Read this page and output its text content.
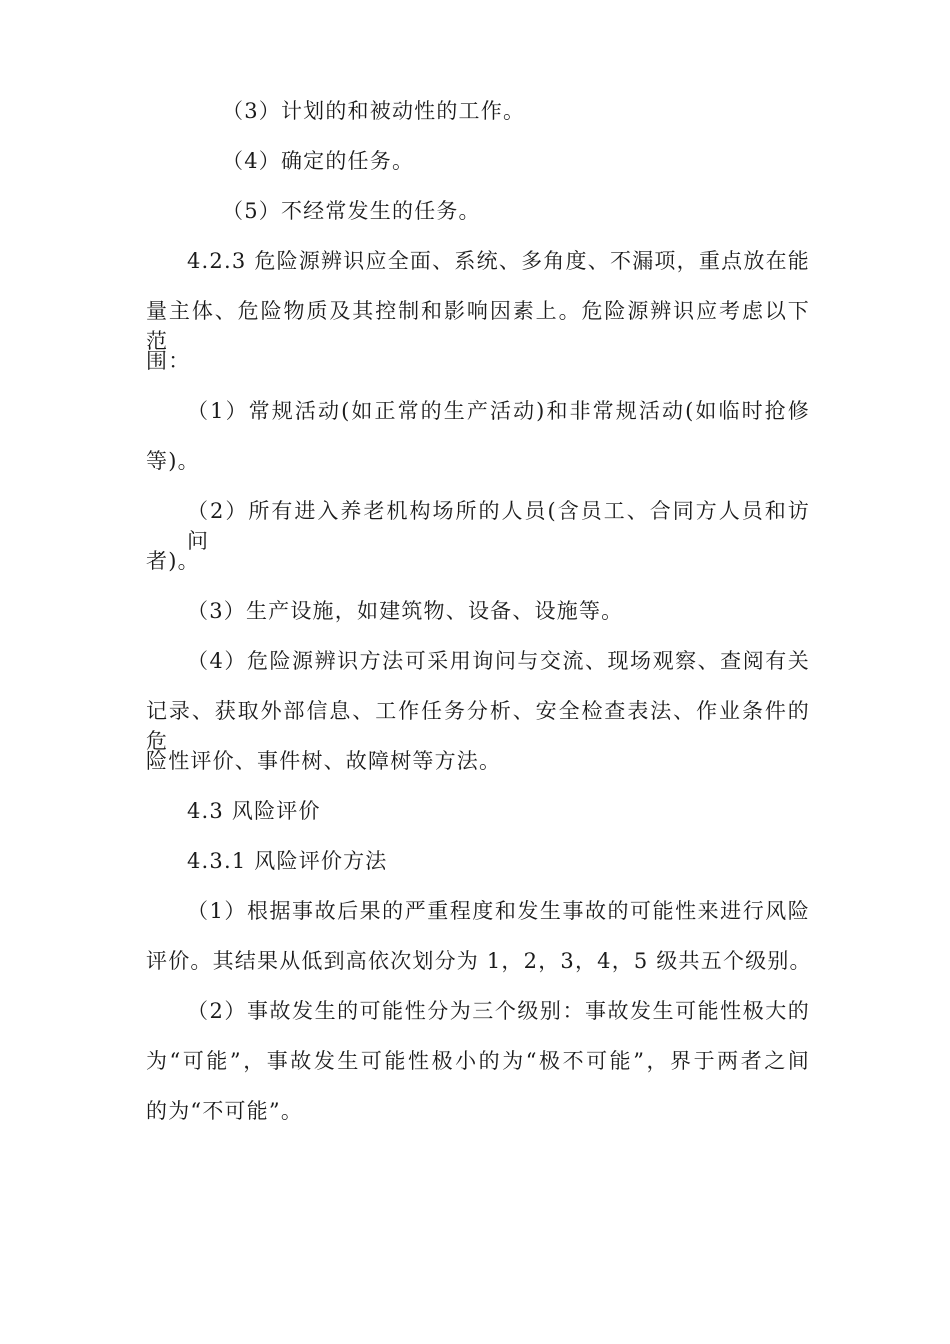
（3）计划的和被动性的工作。
（4）确定的任务。
（5）不经常发生的任务。
4.2.3 危险源辨识应全面、系统、多角度、不漏项，重点放在能
量主体、危险物质及其控制和影响因素上。危险源辨识应考虑以下范
围：
（1）常规活动(如正常的生产活动)和非常规活动(如临时抢修
等)。
（2）所有进入养老机构场所的人员(含员工、合同方人员和访问
者)。
（3）生产设施，如建筑物、设备、设施等。
（4）危险源辨识方法可采用询问与交流、现场观察、查阅有关
记录、获取外部信息、工作任务分析、安全检查表法、作业条件的危
险性评价、事件树、故障树等方法。
4.3 风险评价
4.3.1 风险评价方法
（1）根据事故后果的严重程度和发生事故的可能性来进行风险
评价。其结果从低到高依次划分为 1，2，3，4，5 级共五个级别。
（2）事故发生的可能性分为三个级别：事故发生可能性极大的
为“可能”，事故发生可能性极小的为“极不可能”，界于两者之间
的为“不可能”。
